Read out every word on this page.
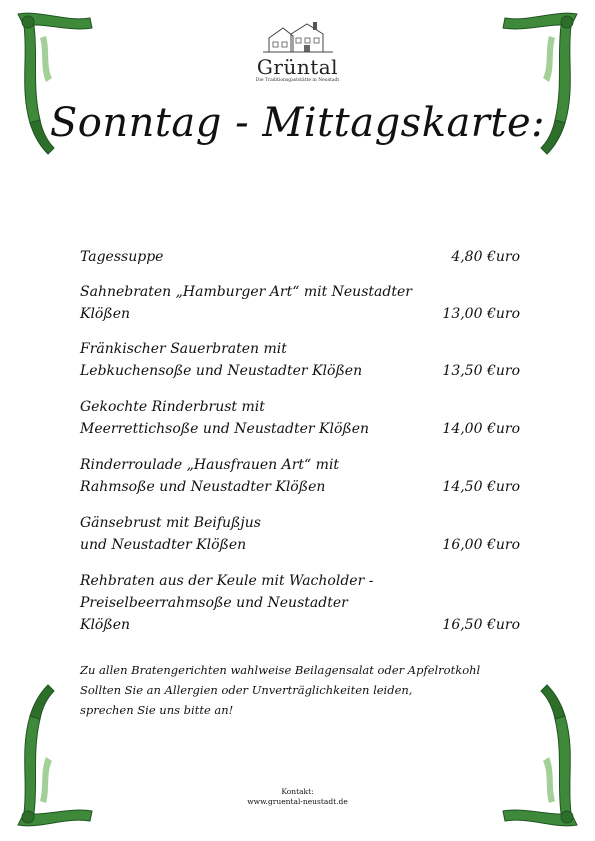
Grüntal
Die Traditionsgaststätte in Neustadt
Sonntag - Mittagskarte:
Tagessuppe	4,80 €uro
Sahnebraten „Hamburger Art“ mit Neustadter Klößen	13,00 €uro
Fränkischer Sauerbraten mit Lebkuchensoße und Neustadter Klößen	13,50 €uro
Gekochte Rinderbrust mit Meerrettichsoße und Neustadter Klößen	14,00 €uro
Rinderroulade „Hausfrauen Art“ mit Rahmsoße und Neustadter Klößen	14,50 €uro
Gänsebrust mit Beifußjus und Neustadter Klößen	16,00 €uro
Rehbraten aus der Keule mit Wacholder - Preiselbeerrahmsoße und Neustadter Klößen	16,50 €uro
Zu allen Bratengerichten wahlweise Beilagensalat oder Apfelrotkohl
Sollten Sie an Allergien oder Unverträglichkeiten leiden,
sprechen Sie uns bitte an!
Kontakt:
www.gruental-neustadt.de
